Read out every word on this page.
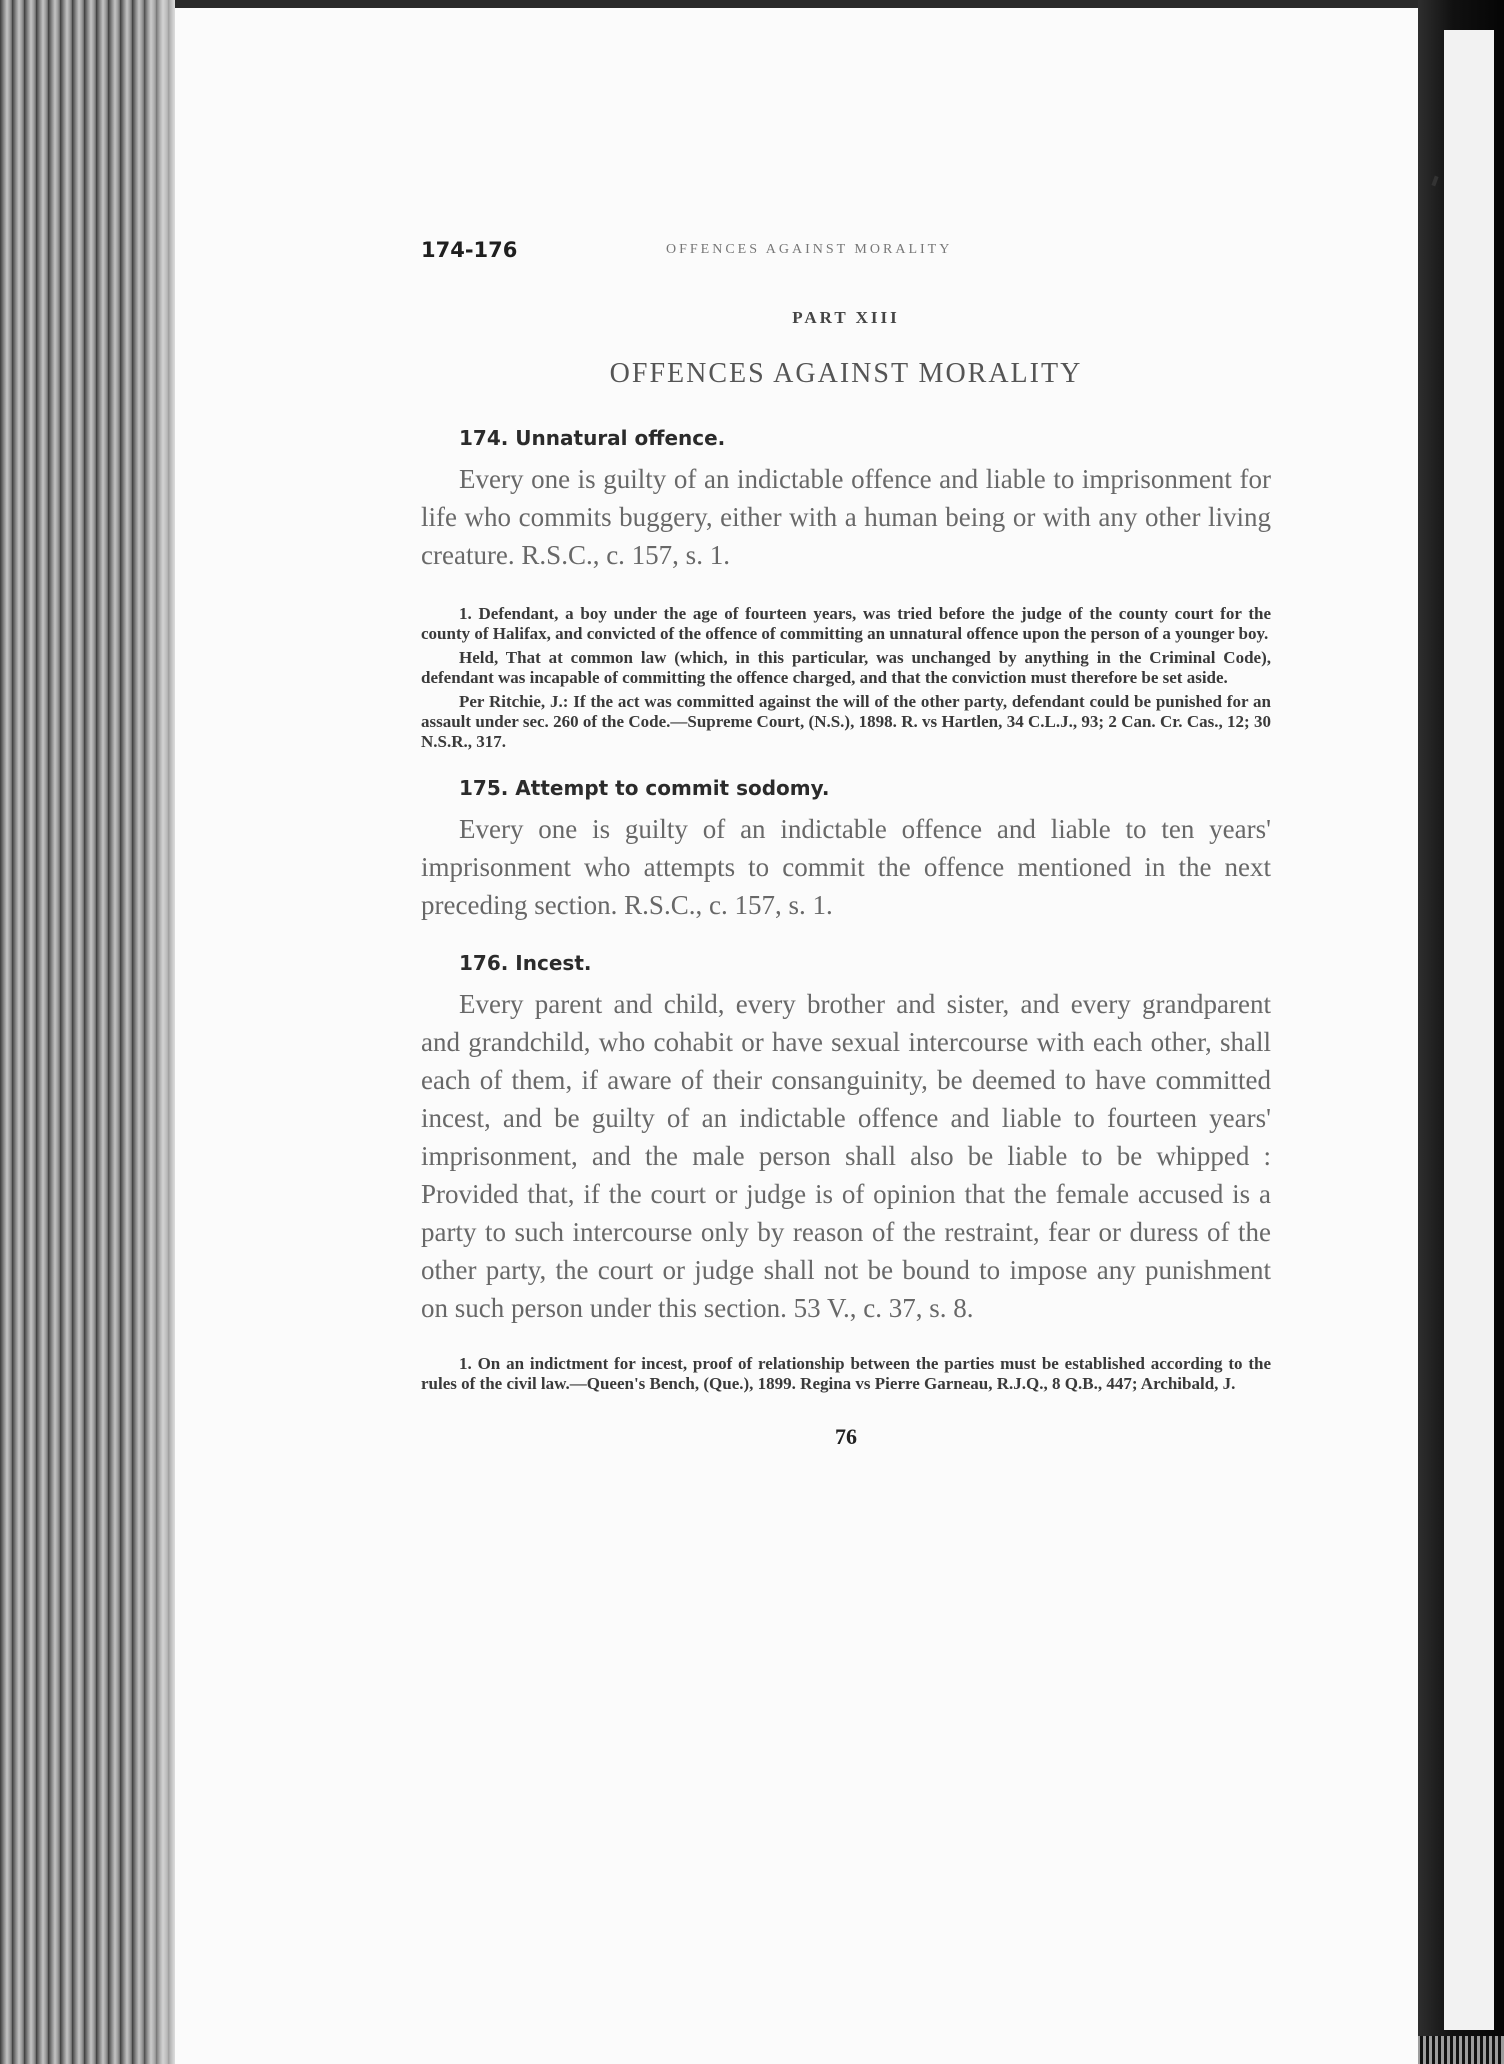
174-176	OFFENCES AGAINST MORALITY
PART XIII
OFFENCES AGAINST MORALITY
174. Unnatural offence.

Every one is guilty of an indictable offence and liable to imprisonment for life who commits buggery, either with a human being or with any other living creature. R.S.C., c. 157, s. 1.

1. Defendant, a boy under the age of fourteen years, was tried before the judge of the county court for the county of Halifax, and convicted of the offence of committing an unnatural offence upon the person of a younger boy.

Held, That at common law (which, in this particular, was unchanged by anything in the Criminal Code), defendant was incapable of committing the offence charged, and that the conviction must therefore be set aside.

Per Ritchie, J.: If the act was committed against the will of the other party, defendant could be punished for an assault under sec. 260 of the Code.—Supreme Court, (N.S.), 1898. R. vs Hartlen, 34 C.L.J., 93; 2 Can. Cr. Cas., 12; 30 N.S.R., 317.

175. Attempt to commit sodomy.

Every one is guilty of an indictable offence and liable to ten years' imprisonment who attempts to commit the offence mentioned in the next preceding section. R.S.C., c. 157, s. 1.

176. Incest.

Every parent and child, every brother and sister, and every grandparent and grandchild, who cohabit or have sexual intercourse with each other, shall each of them, if aware of their consanguinity, be deemed to have committed incest, and be guilty of an indictable offence and liable to fourteen years' imprisonment, and the male person shall also be liable to be whipped : Provided that, if the court or judge is of opinion that the female accused is a party to such intercourse only by reason of the restraint, fear or duress of the other party, the court or judge shall not be bound to impose any punishment on such person under this section. 53 V., c. 37, s. 8.

1. On an indictment for incest, proof of relationship between the parties must be established according to the rules of the civil law.—Queen's Bench, (Que.), 1899. Regina vs Pierre Garneau, R.J.Q., 8 Q.B., 447; Archibald, J.

76
